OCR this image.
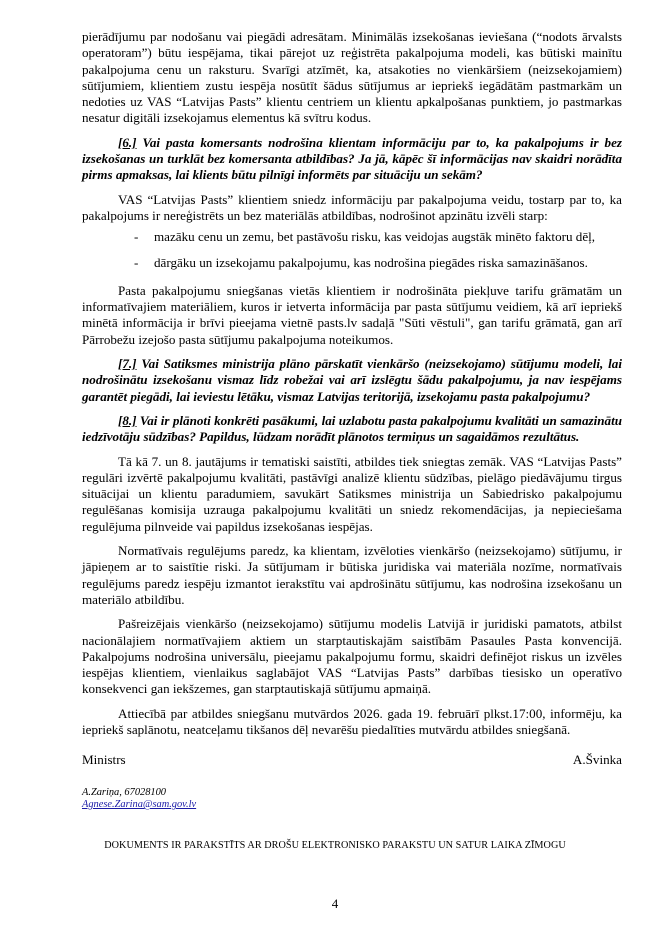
pierādījumu par nodošanu vai piegādi adresātam. Minimālās izsekošanas ieviešana (“nodots ārvalsts operatoram”) būtu iespējama, tikai pārejot uz reģistrēta pakalpojuma modeli, kas būtiski mainītu pakalpojuma cenu un raksturu. Svarīgi atzīmēt, ka, atsakoties no vienkāršiem (neizsekojamiem) sūtījumiem, klientiem zustu iespēja nosūtīt šādus sūtījumus ar iepriekš iegādātām pastmarkām un nedoties uz VAS “Latvijas Pasts” klientu centriem un klientu apkalpošanas punktiem, jo pastmarkas nesatur digitāli izsekojamus elementus kā svītru kodus.

[6.] Vai pasta komersants nodrošina klientam informāciju par to, ka pakalpojums ir bez izsekošanas un turklāt bez komersanta atbildības? Ja jā, kāpēc šī informācijas nav skaidri norādīta pirms apmaksas, lai klients būtu pilnīgi informēts par situāciju un sekām?

VAS “Latvijas Pasts” klientiem sniedz informāciju par pakalpojuma veidu, tostarp par to, ka pakalpojums ir nereģistrēts un bez materiālās atbildības, nodrošinot apzinātu izvēli starp:

- mazāku cenu un zemu, bet pastāvošu risku, kas veidojas augstāk minēto faktoru dēļ,
- dārgāku un izsekojamu pakalpojumu, kas nodrošina piegādes riska samazināšanos.

Pasta pakalpojumu sniegšanas vietās klientiem ir nodrošināta piekļuve tarifu grāmatām un informatīvajiem materiāliem, kuros ir ietverta informācija par pasta sūtījumu veidiem, kā arī iepriekš minētā informācija ir brīvi pieejama vietnē pasts.lv sadaļā "Sūti vēstuli", gan tarifu grāmatā, gan arī Pārrobežu izejošo pasta sūtījumu pakalpojuma noteikumos.

[7.] Vai Satiksmes ministrija plāno pārskatīt vienkāršo (neizsekojamo) sūtījumu modeli, lai nodrošinātu izsekošanu vismaz līdz robežai vai arī izslēgtu šādu pakalpojumu, ja nav iespējams garantēt piegādi, lai ieviestu lētāku, vismaz Latvijas teritorijā, izsekojamu pasta pakalpojumu?

[8.] Vai ir plānoti konkrēti pasākumi, lai uzlabotu pasta pakalpojumu kvalitāti un samazinātu iedzīvotāju sūdzības? Papildus, lūdzam norādīt plānotos termiņus un sagaidāmos rezultātus.

Tā kā 7. un 8. jautājums ir tematiski saistīti, atbildes tiek sniegtas zemāk. VAS “Latvijas Pasts” regulāri izvērtē pakalpojumu kvalitāti, pastāvīgi analizē klientu sūdzības, pielāgo piedāvājumu tirgus situācijai un klientu paradumiem, savukārt Satiksmes ministrija un Sabiedrisko pakalpojumu regulēšanas komisija uzrauga pakalpojumu kvalitāti un sniedz rekomendācijas, ja nepieciešama regulējuma pilnveide vai papildus izsekošanas iespējas.

Normatīvais regulējums paredz, ka klientam, izvēloties vienkāršo (neizsekojamo) sūtījumu, ir jāpieņem ar to saistītie riski. Ja sūtījumam ir būtiska juridiska vai materiāla nozīme, normatīvais regulējums paredz iespēju izmantot ierakstītu vai apdrošinātu sūtījumu, kas nodrošina izsekošanu un materiālo atbildību.

Pašreizējais vienkāršo (neizsekojamo) sūtījumu modelis Latvijā ir juridiski pamatots, atbilst nacionālajiem normatīvajiem aktiem un starptautiskajām saistībām Pasaules Pasta konvencijā. Pakalpojums nodrošina universālu, pieejamu pakalpojumu formu, skaidri definējot riskus un izvēles iespējas klientiem, vienlaikus saglabājot VAS “Latvijas Pasts” darbības tiesisko un operatīvo konsekvenci gan iekšzemes, gan starptautiskajā sūtījumu apmaiņā.

Attiecībā par atbildes sniegšanu mutvārdos 2026. gada 19. februārī plkst.17:00, informēju, ka iepriekš saplānotu, neatceļamu tikšanos dēļ nevarēšu piedalīties mutvārdu atbildes sniegšanā.

Ministrs	A.Švinka
A.Zariņa, 67028100
Agnese.Zarina@sam.gov.lv
DOKUMENTS IR PARAKSTĪTS AR DROŠU ELEKTRONISKO PARAKSTU UN SATUR LAIKA ZĪMOGU
4
